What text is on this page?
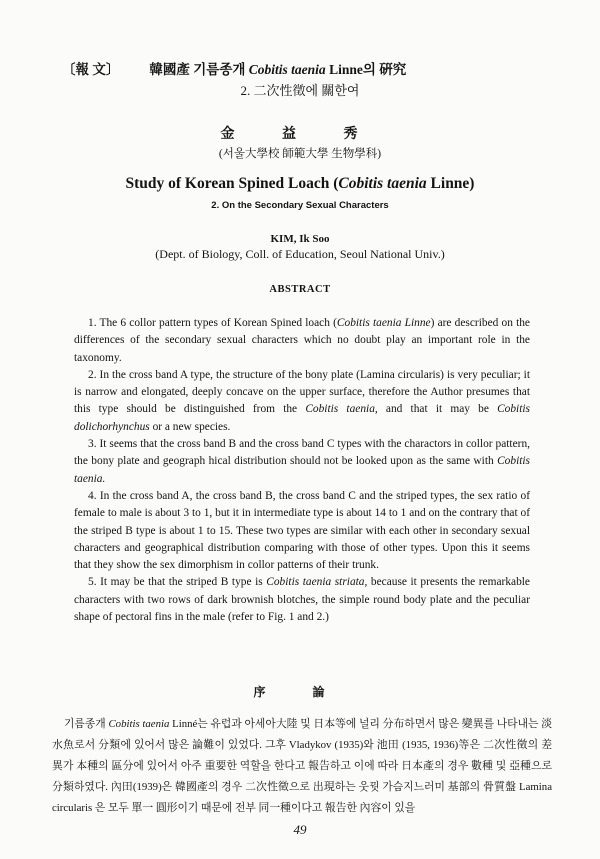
〔報 文〕 韓國產 기름종개 Cobitis taenia Linne의 硏究
2. 二次性徵에 關한여
金 益 秀
(서울大學校 師範大學 生物學科)
Study of Korean Spined Loach (Cobitis taenia Linne)
2. On the Secondary Sexual Characters
KIM, Ik Soo
(Dept. of Biology, Coll. of Education, Seoul National Univ.)
ABSTRACT

1. The 6 collor pattern types of Korean Spined loach (Cobitis taenia Linne) are described on the differences of the secondary sexual characters which no doubt play an important role in the taxonomy.

2. In the cross band A type, the structure of the bony plate (Lamina circularis) is very peculiar; it is narrow and elongated, deeply concave on the upper surface, therefore the Author presumes that this type should be distinguished from the Cobitis taenia, and that it may be Cobitis dolichorhynchus or a new species.

3. It seems that the cross band B and the cross band C types with the charactors in collor pattern, the bony plate and geograph hical distribution should not be looked upon as the same with Cobitis taenia.

4. In the cross band A, the cross band B, the cross band C and the striped types, the sex ratio of female to male is about 3 to 1, but it in intermediate type is about 14 to 1 and on the contrary that of the striped B type is about 1 to 15. These two types are similar with each other in secondary sexual characters and geographical distribution comparing with those of other types. Upon this it seems that they show the sex dimorphism in collor patterns of their trunk.

5. It may be that the striped B type is Cobitis taenia striata, because it presents the remarkable characters with two rows of dark brownish blotches, the simple round body plate and the peculiar shape of pectoral fins in the male (refer to Fig. 1 and 2.)

序 論

기름종개 Cobitis taenia Linné는 유럽과 아세아大陸 및 日本等에 널리 分布하면서 많은 變異를 나타내는 淡水魚로서 分類에 있어서 많은 論難이 있었다. 그후 Vladykov (1935)와 池田 (1935, 1936)等은 二次性徵의 差異가 本種의 區分에 있어서 아주 重要한 역할을 한다고 報告하고 이에 따라 日本產의 경우 數種 및 亞種으로 分類하였다. 內田(1939)은 韓國產의 경우 二次性徵으로 出現하는 웃꿧 가슴지느러미 基部의 骨質盤 Lamina circularis 은 모두 單一 圓形이기 때문에 전부 同一種이다고 報告한 內容이 있을

49
